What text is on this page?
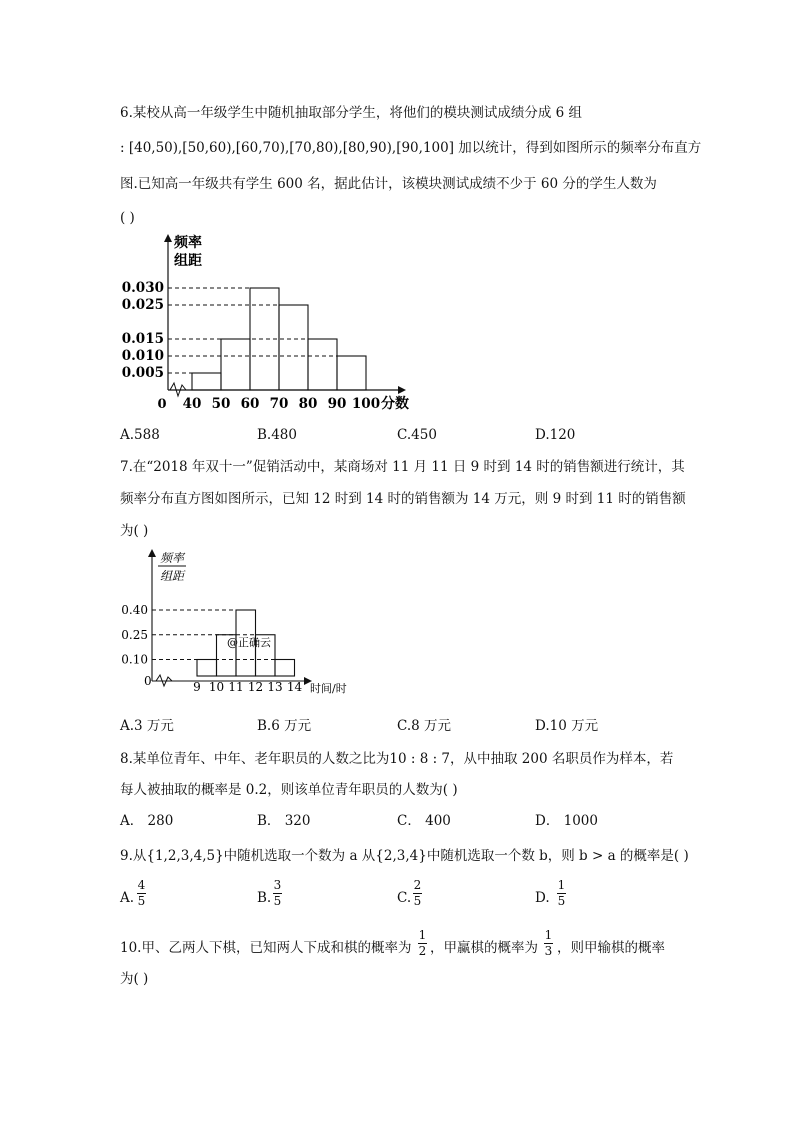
6.某校从高一年级学生中随机抽取部分学生，将他们的模块测试成绩分成 6 组
: [40,50),[50,60),[60,70),[70,80),[80,90),[90,100] 加以统计，得到如图所示的频率分布直方
图.已知高一年级共有学生 600 名，据此估计，该模块测试成绩不少于 60 分的学生人数为
( )
频率
组距
分数
0
0.030
0.025
0.015
0.010
0.005
40 50 60 70 80 90 100
A.588	B.480	C.450	D.120
7.在“2018 年双十一”促销活动中，某商场对 11 月 11 日 9 时到 14 时的销售额进行统计，其
频率分布直方图如图所示，已知 12 时到 14 时的销售额为 14 万元，则 9 时到 11 时的销售额
为( )
频率
组距
时间/时
0
0.40
0.25
0.10
9 10 11 12 13 14
@正确云
A.3 万元	B.6 万元	C.8 万元	D.10 万元
8.某单位青年、中年、老年职员的人数之比为10 : 8 : 7，从中抽取 200 名职员作为样本，若
每人被抽取的概率是 0.2，则该单位青年职员的人数为( )
A． 280	B． 320	C． 400	D． 1000
9.从{1,2,3,4,5}中随机选取一个数为 a 从{2,3,4}中随机选取一个数 b，则 b > a 的概率是( )
A.
4
5	B.
3
5	C.
2
5	D.
1
5
10.甲、乙两人下棋，已知两人下成和棋的概率为
1
2 ，甲赢棋的概率为
1
3 ，则甲输棋的概率
为( )
